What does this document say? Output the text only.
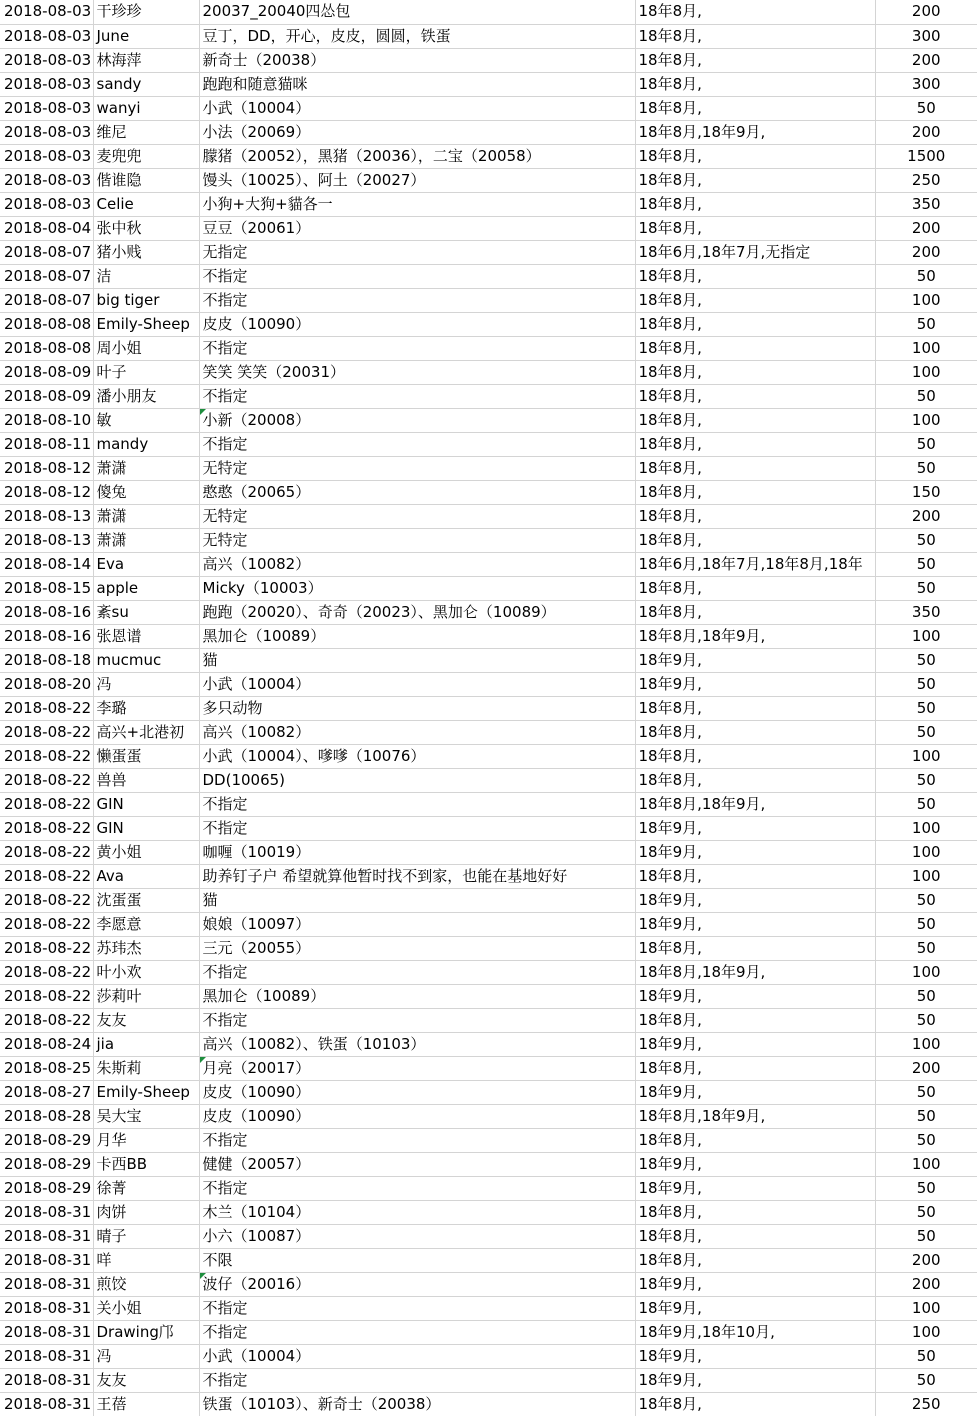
2018-08-03	干珍珍	20037_20040四怂包	18年8月,	200
2018-08-03	June	豆丁，DD，开心，皮皮，圆圆，铁蛋	18年8月,	300
2018-08-03	林海萍	新奇士（20038）	18年8月,	200
2018-08-03	sandy	跑跑和随意猫咪	18年8月,	300
2018-08-03	wanyi	小武（10004）	18年8月,	50
2018-08-03	维尼	小法（20069）	18年8月,18年9月,	200
2018-08-03	麦兜兜	朦猪（20052），黑猪（20036），二宝（20058）	18年8月,	1500
2018-08-03	偕谁隐	馒头（10025）、阿土（20027）	18年8月,	250
2018-08-03	Celie	小狗+大狗+貓各一	18年8月,	350
2018-08-04	张中秋	豆豆（20061）	18年8月,	200
2018-08-07	猪小贱	无指定	18年6月,18年7月,无指定	200
2018-08-07	洁	不指定	18年8月,	50
2018-08-07	big tiger	不指定	18年8月,	100
2018-08-08	Emily-Sheep	皮皮（10090）	18年8月,	50
2018-08-08	周小姐	不指定	18年8月,	100
2018-08-09	叶子	笑笑 笑笑（20031）	18年8月,	100
2018-08-09	潘小朋友	不指定	18年8月,	50
2018-08-10	敏	小新（20008）	18年8月,	100
2018-08-11	mandy	不指定	18年8月,	50
2018-08-12	萧潇	无特定	18年8月,	50
2018-08-12	傻兔	憨憨（20065）	18年8月,	150
2018-08-13	萧潇	无特定	18年8月,	200
2018-08-13	萧潇	无特定	18年8月,	50
2018-08-14	Eva	高兴（10082）	18年6月,18年7月,18年8月,18年	50
2018-08-15	apple	Micky（10003）	18年8月,	50
2018-08-16	紊su	跑跑（20020）、奇奇（20023）、黑加仑（10089）	18年8月,	350
2018-08-16	张恩谱	黑加仑（10089）	18年8月,18年9月,	100
2018-08-18	mucmuc	猫	18年9月,	50
2018-08-20	冯	小武（10004）	18年9月,	50
2018-08-22	李璐	多只动物	18年8月,	50
2018-08-22	高兴+北港初	高兴（10082）	18年8月,	50
2018-08-22	懒蛋蛋	小武（10004）、嗲嗲（10076）	18年8月,	100
2018-08-22	兽兽	DD(10065)	18年8月,	50
2018-08-22	GIN	不指定	18年8月,18年9月,	50
2018-08-22	GIN	不指定	18年9月,	100
2018-08-22	黄小姐	咖喱（10019）	18年9月,	100
2018-08-22	Ava	助养钉子户 希望就算他暂时找不到家，也能在基地好好	18年8月,	100
2018-08-22	沈蛋蛋	猫	18年9月,	50
2018-08-22	李愿意	娘娘（10097）	18年9月,	50
2018-08-22	苏玮杰	三元（20055）	18年8月,	50
2018-08-22	叶小欢	不指定	18年8月,18年9月,	100
2018-08-22	莎莉叶	黑加仑（10089）	18年9月,	50
2018-08-22	友友	不指定	18年8月,	50
2018-08-24	jia	高兴（10082）、铁蛋（10103）	18年9月,	100
2018-08-25	朱斯莉	月亮（20017）	18年8月,	200
2018-08-27	Emily-Sheep	皮皮（10090）	18年9月,	50
2018-08-28	吴大宝	皮皮（10090）	18年8月,18年9月,	50
2018-08-29	月华	不指定	18年8月,	50
2018-08-29	卡西BB	健健（20057）	18年9月,	100
2018-08-29	徐菁	不指定	18年9月,	50
2018-08-31	肉饼	木兰（10104）	18年8月,	50
2018-08-31	晴子	小六（10087）	18年8月,	50
2018-08-31	咩	不限	18年8月,	200
2018-08-31	煎饺	波仔（20016）	18年9月,	200
2018-08-31	关小姐	不指定	18年9月,	100
2018-08-31	Drawing邝	不指定	18年9月,18年10月,	100
2018-08-31	冯	小武（10004）	18年9月,	50
2018-08-31	友友	不指定	18年9月,	50
2018-08-31	王蓓	铁蛋（10103）、新奇士（20038）	18年8月,	250
